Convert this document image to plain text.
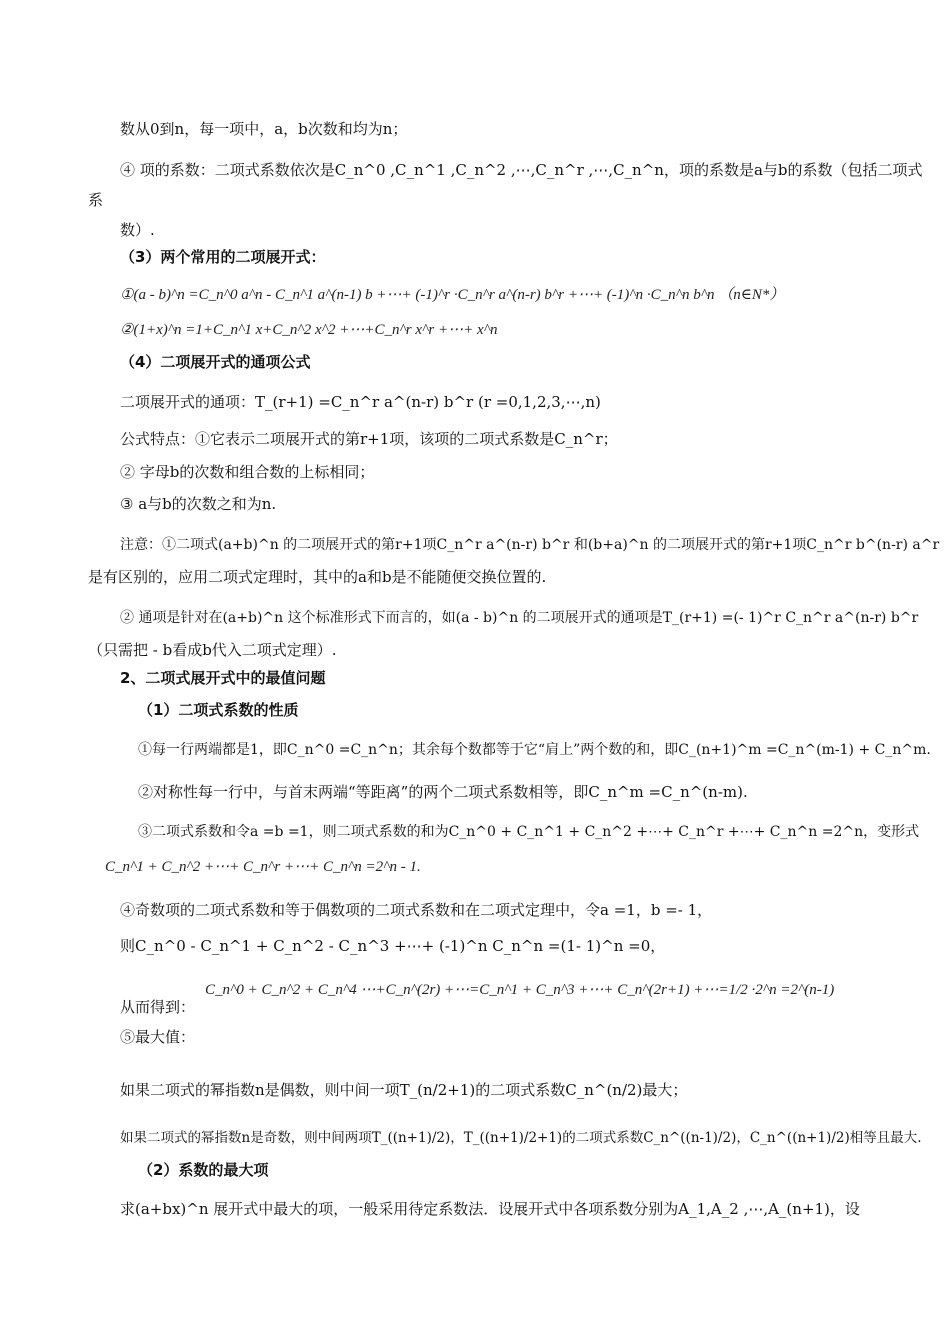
数从0到n，每一项中，a，b次数和均为n；
④ 项的系数：二项式系数依次是C_n^0 ,C_n^1 ,C_n^2 ,⋯,C_n^r ,⋯,C_n^n，项的系数是a与b的系数（包括二项式
系
数）.
（3）两个常用的二项展开式：
①(a - b)^n =C_n^0 a^n - C_n^1 a^(n-1) b +⋯+ (-1)^r ·C_n^r a^(n-r) b^r +⋯+ (-1)^n ·C_n^n b^n （n∈N*）
②(1+x)^n =1+C_n^1 x+C_n^2 x^2 +⋯+C_n^r x^r +⋯+ x^n
（4）二项展开式的通项公式
二项展开式的通项：T_(r+1) =C_n^r a^(n-r) b^r (r =0,1,2,3,⋯,n)
公式特点：①它表示二项展开式的第r+1项，该项的二项式系数是C_n^r；
② 字母b的次数和组合数的上标相同；
③ a与b的次数之和为n.
注意：①二项式(a+b)^n 的二项展开式的第r+1项C_n^r a^(n-r) b^r 和(b+a)^n 的二项展开式的第r+1项C_n^r b^(n-r) a^r
是有区别的，应用二项式定理时，其中的a和b是不能随便交换位置的.
② 通项是针对在(a+b)^n 这个标准形式下而言的，如(a - b)^n 的二项展开式的通项是T_(r+1) =(- 1)^r C_n^r a^(n-r) b^r
（只需把 - b看成b代入二项式定理）.
2、二项式展开式中的最值问题
（1）二项式系数的性质
①每一行两端都是1，即C_n^0 =C_n^n；其余每个数都等于它“肩上”两个数的和，即C_(n+1)^m =C_n^(m-1) + C_n^m.
②对称性每一行中，与首末两端“等距离”的两个二项式系数相等，即C_n^m =C_n^(n-m).
③二项式系数和令a =b =1，则二项式系数的和为C_n^0 + C_n^1 + C_n^2 +⋯+ C_n^r +⋯+ C_n^n =2^n，变形式
C_n^1 + C_n^2 +⋯+ C_n^r +⋯+ C_n^n =2^n - 1.
④奇数项的二项式系数和等于偶数项的二项式系数和在二项式定理中，令a =1，b =- 1，
则C_n^0 - C_n^1 + C_n^2 - C_n^3 +⋯+ (-1)^n C_n^n =(1- 1)^n =0，
C_n^0 + C_n^2 + C_n^4 ⋯+C_n^(2r) +⋯=C_n^1 + C_n^3 +⋯+ C_n^(2r+1) +⋯=1/2 ·2^n =2^(n-1)
从而得到：
⑤最大值：
如果二项式的幂指数n是偶数，则中间一项T_(n/2+1)的二项式系数C_n^(n/2)最大；
如果二项式的幂指数n是奇数，则中间两项T_((n+1)/2)，T_((n+1)/2+1)的二项式系数C_n^((n-1)/2)，C_n^((n+1)/2)相等且最大.
（2）系数的最大项
求(a+bx)^n 展开式中最大的项，一般采用待定系数法．设展开式中各项系数分别为A_1,A_2 ,⋯,A_(n+1)，设
